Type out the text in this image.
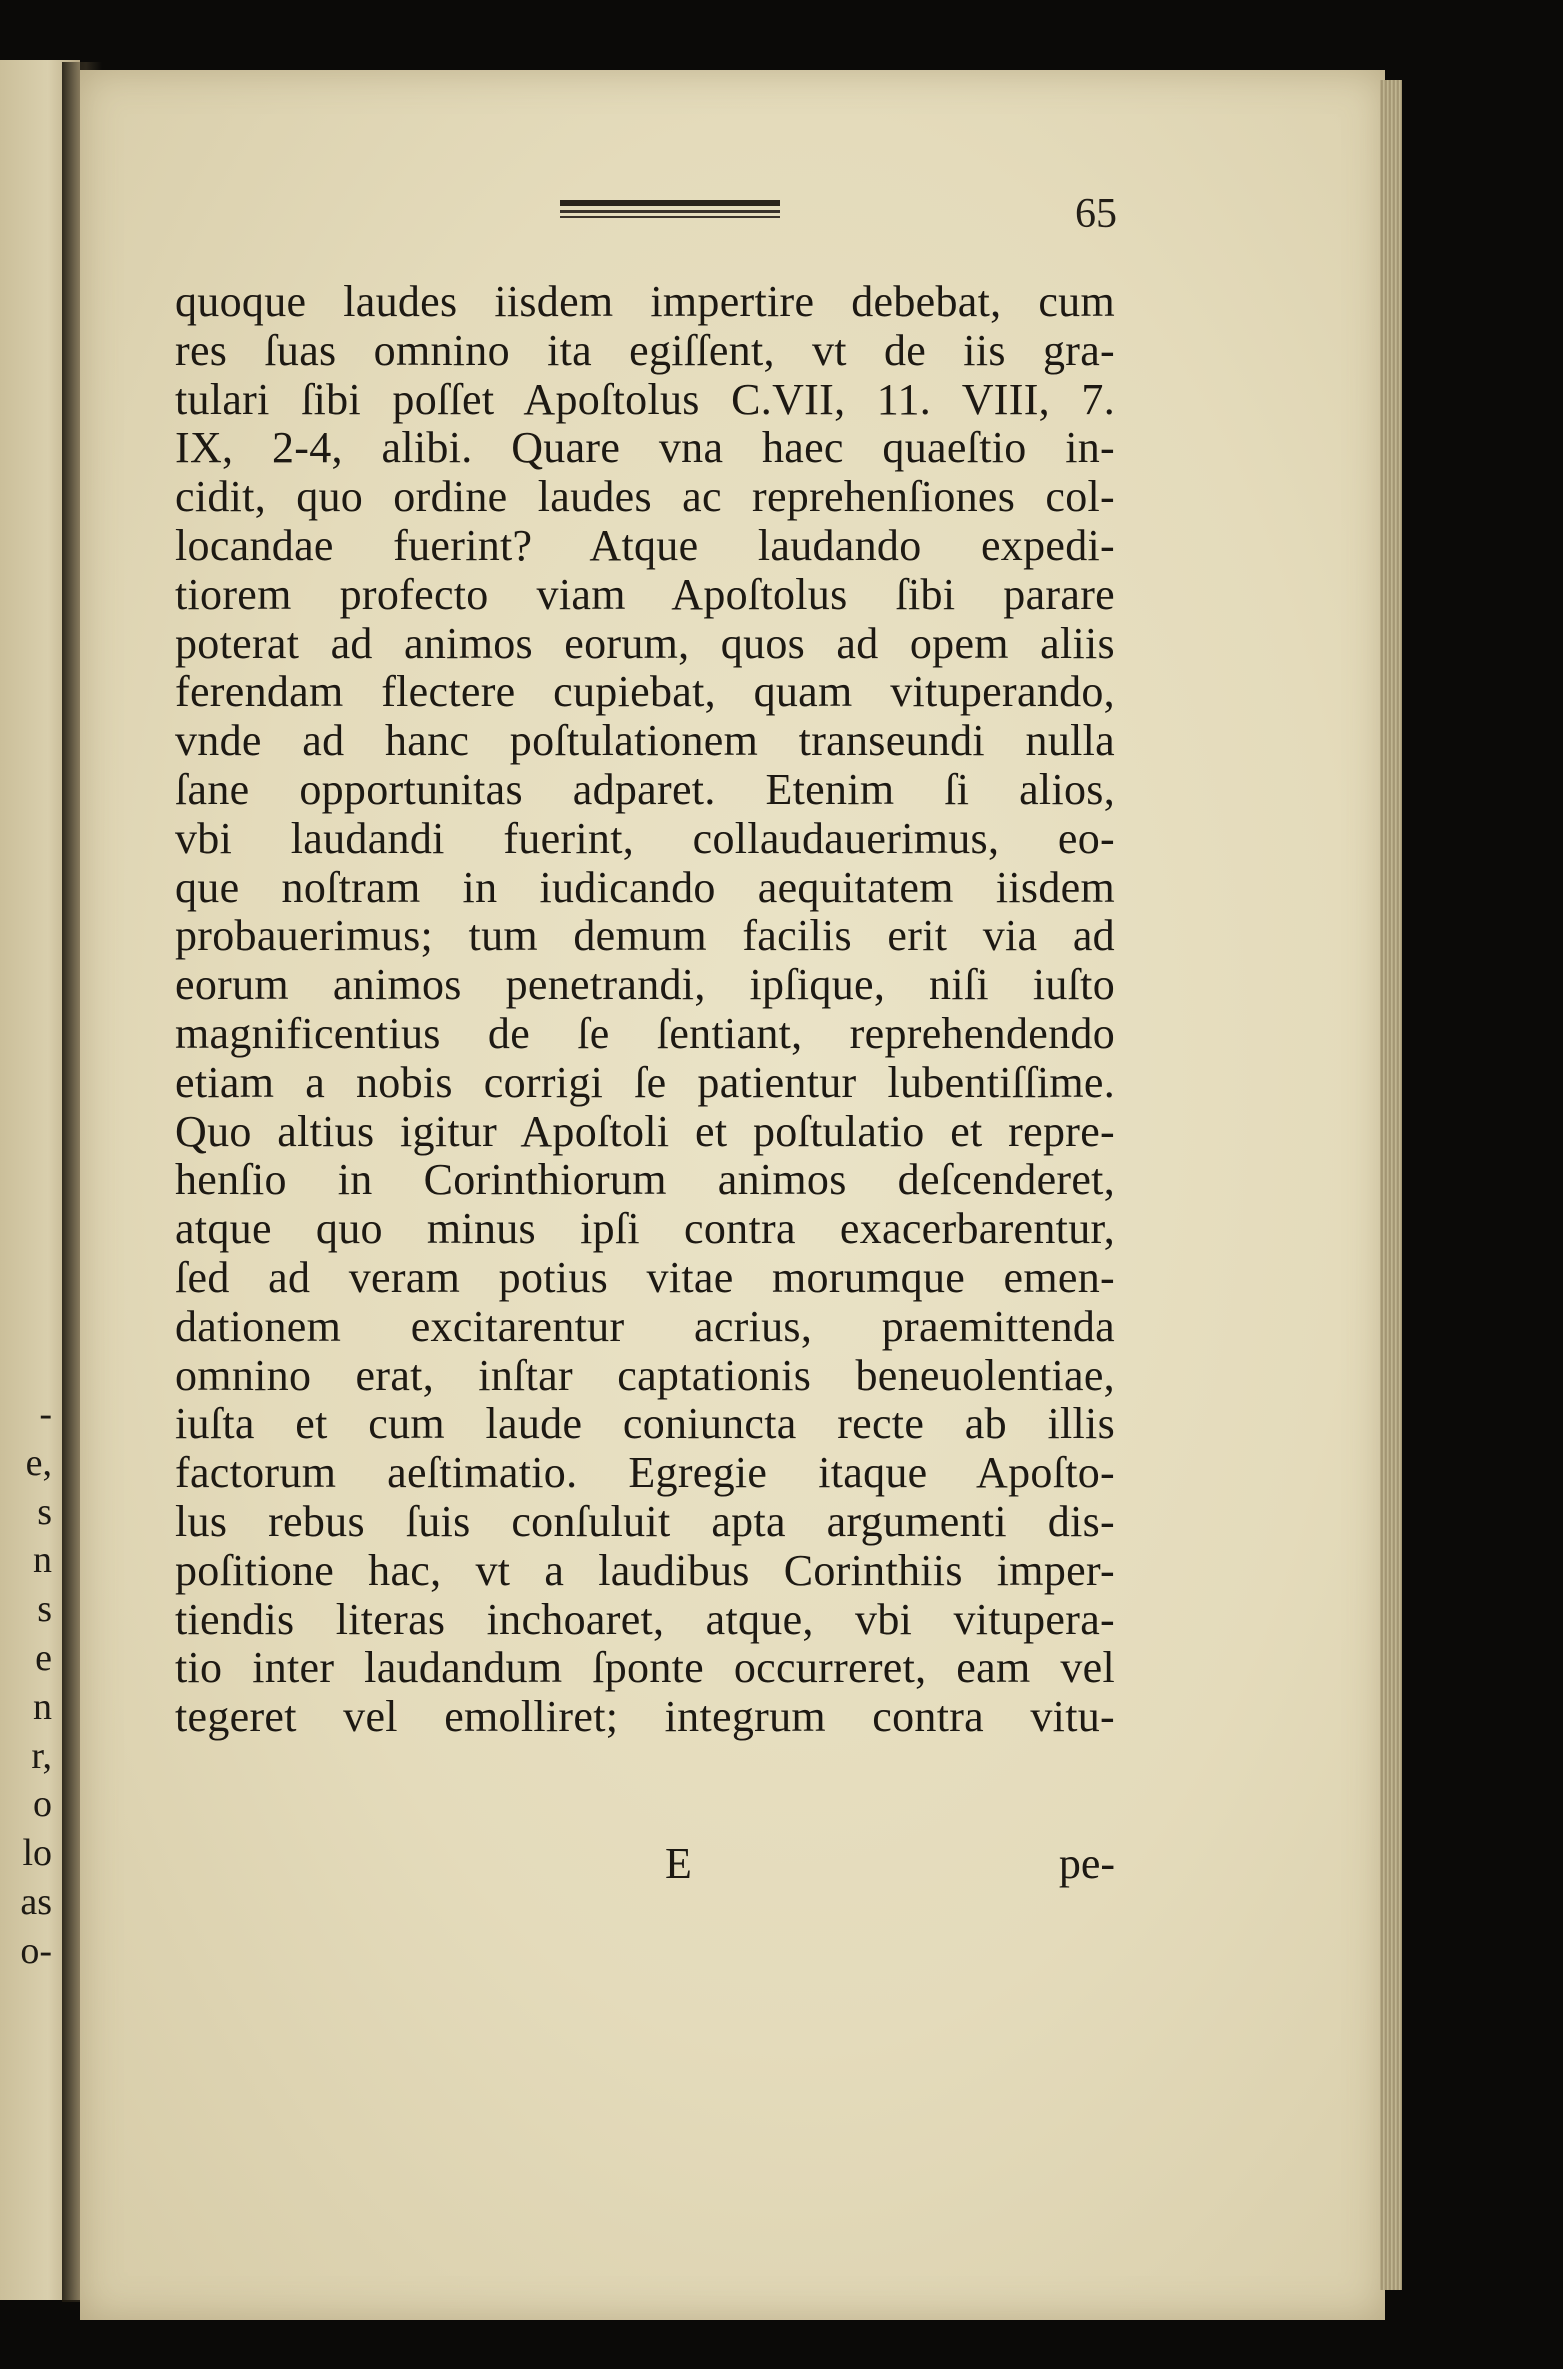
-
e,
s
n
s
e
n
r,
o
lo
as
o-
65
quoque laudes iisdem impertire debebat, cum
res ſuas omnino ita egiſſent, vt de iis gra-
tulari ſibi poſſet Apoſtolus C.VII, 11. VIII, 7.
IX, 2-4, alibi. Quare vna haec quaeſtio in-
cidit, quo ordine laudes ac reprehenſiones col-
locandae fuerint? Atque laudando expedi-
tiorem profecto viam Apoſtolus ſibi parare
poterat ad animos eorum, quos ad opem aliis
ferendam flectere cupiebat, quam vituperando,
vnde ad hanc poſtulationem transeundi nulla
ſane opportunitas adparet. Etenim ſi alios,
vbi laudandi fuerint, collaudauerimus, eo-
que noſtram in iudicando aequitatem iisdem
probauerimus; tum demum facilis erit via ad
eorum animos penetrandi, ipſique, niſi iuſto
magnificentius de ſe ſentiant, reprehendendo
etiam a nobis corrigi ſe patientur lubentiſſime.
Quo altius igitur Apoſtoli et poſtulatio et repre-
henſio in Corinthiorum animos deſcenderet,
atque quo minus ipſi contra exacerbarentur,
ſed ad veram potius vitae morumque emen-
dationem excitarentur acrius, praemittenda
omnino erat, inſtar captationis beneuolentiae,
iuſta et cum laude coniuncta recte ab illis
factorum aeſtimatio. Egregie itaque Apoſto-
lus rebus ſuis conſuluit apta argumenti dis-
poſitione hac, vt a laudibus Corinthiis imper-
tiendis literas inchoaret, atque, vbi vitupera-
tio inter laudandum ſponte occurreret, eam vel
tegeret vel emolliret; integrum contra vitu-
E	pe-
